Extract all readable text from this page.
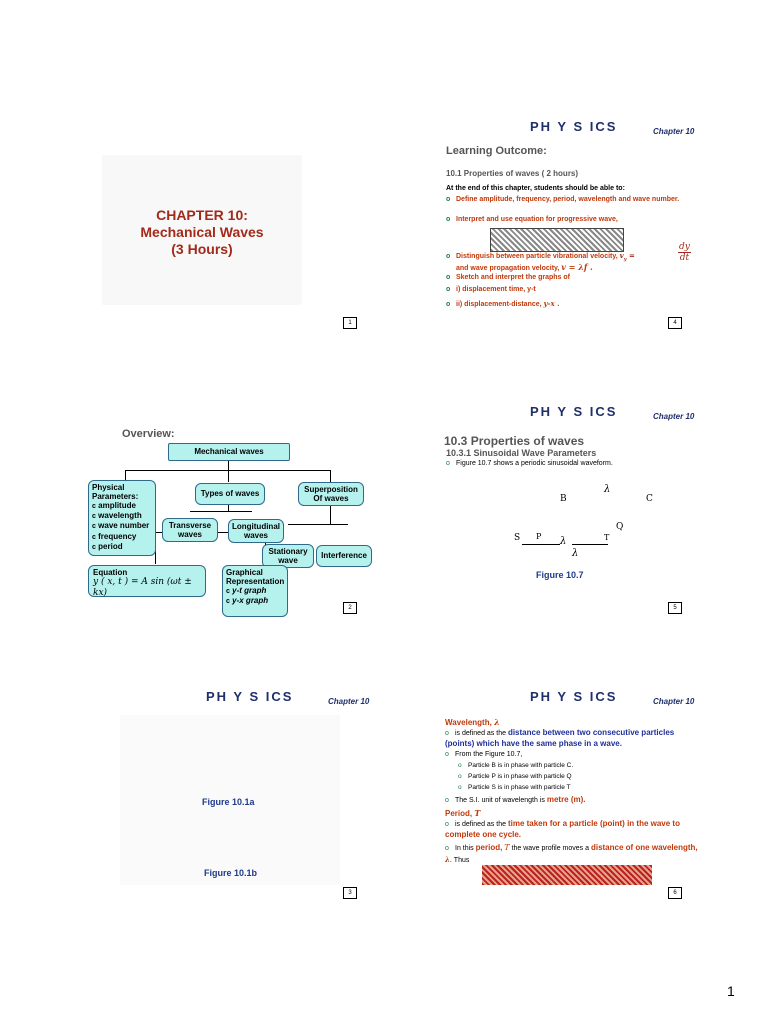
CHAPTER 10:
Mechanical Waves
(3 Hours)
1
PH Y S ICS	Chapter 10
Learning Outcome:
10.1 Properties of waves ( 2 hours)
At the end of this chapter, students should be able to:
o Define amplitude, frequency, period, wavelength and wave number.
o Interpret and use equation for progressive wave,
o Distinguish between particle vibrational velocity, $v_y$ =
dy
dt
and wave propagation velocity, v = λf .
o Sketch and interpret the graphs of
o i) displacement time, y-t
o ii) displacement-distance, y-x .
4
Overview:
Mechanical waves
Physical Parameters:
c amplitude
c wavelength
c wave number
c frequency
c period
Types of waves
Superposition Of waves
Transverse waves
Longitudinal waves
Stationary wave
Interference
Equation
y ( x, t ) = A sin (ωt ± kx)
Graphical Representation
c y-t graph
c y-x graph
2
PH Y S ICS	Chapter 10
10.3 Properties of waves
10.3.1 Sinusoidal Wave Parameters
o Figure 10.7 shows a periodic sinusoidal waveform.
λ
B	C
S P	T
Q
λ
λ
Figure 10.7
5
PH Y S ICS	Chapter 10
Figure 10.1a
Figure 10.1b
3
PH Y S ICS	Chapter 10
Wavelength, λ
o is defined as the distance between two consecutive particles (points) which have the same phase in a wave.
o From the Figure 10.7,
o Particle B is in phase with particle C.
o Particle P is in phase with particle Q
o Particle S is in phase with particle T
o The S.I. unit of wavelength is metre (m).
Period, T
o is defined as the time taken for a particle (point) in the wave to complete one cycle.
o In this period, T the wave profile moves a distance of one wavelength, λ. Thus
6
1
